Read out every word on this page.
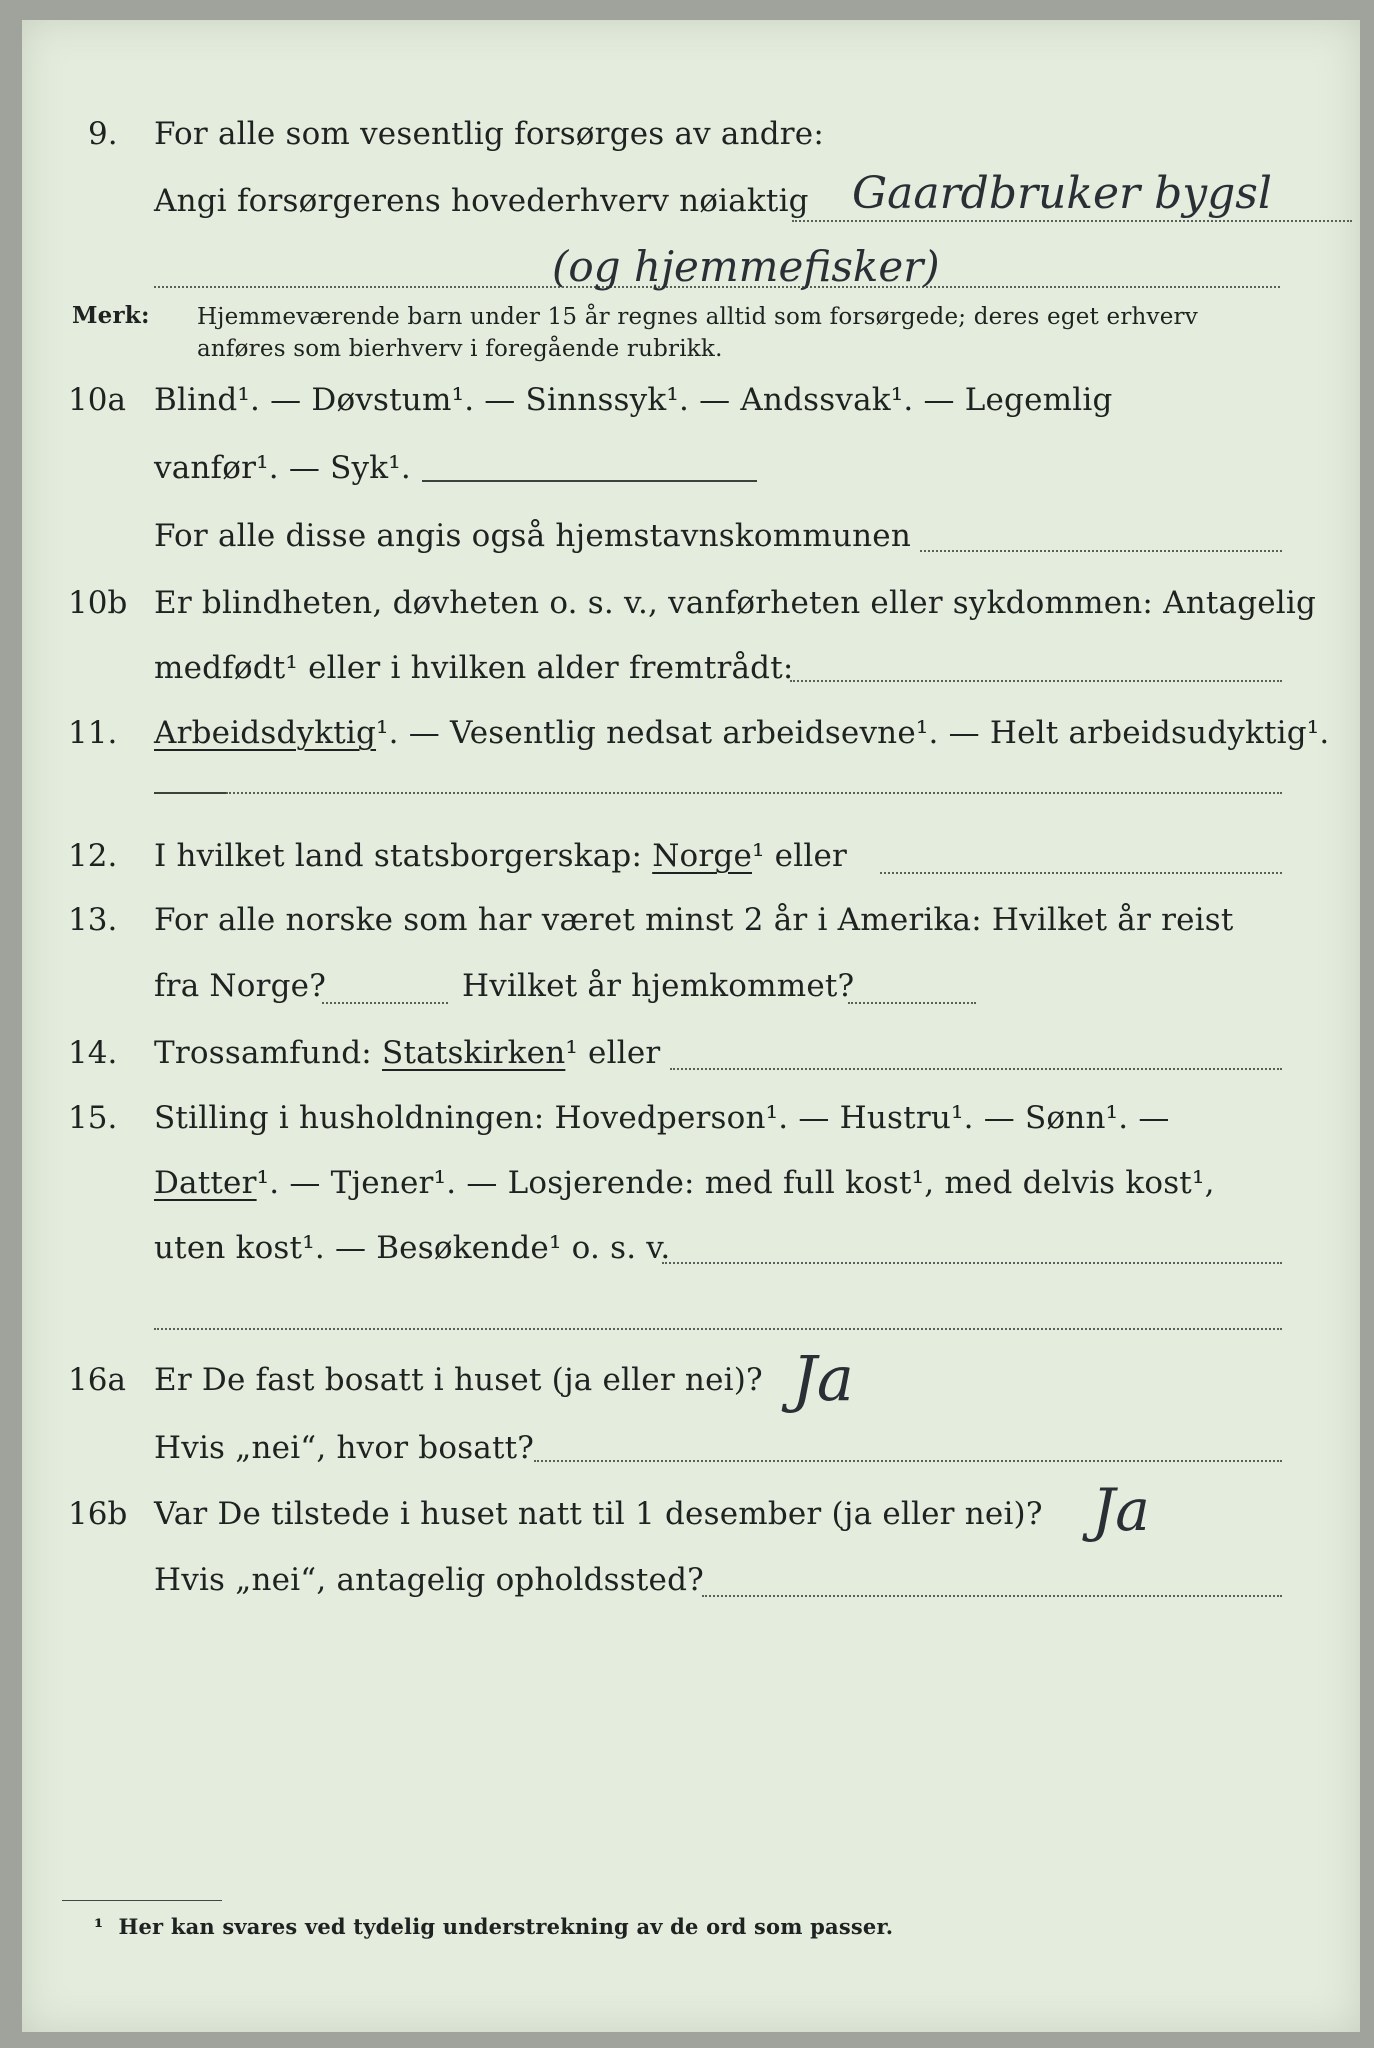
9. For alle som vesentlig forsørges av andre:
Angi forsørgerens hovederhverv nøiaktig Gaardbruker bygsl
(og hjemmefisker)
Merk: Hjemmeværende barn under 15 år regnes alltid som forsørgede; deres eget erhverv
anføres som bierhverv i foregående rubrikk.
10a Blind¹. — Døvstum¹. — Sinnssyk¹. — Andssvak¹. — Legemlig
vanfør¹. — Syk¹.
For alle disse angis også hjemstavnskommunen
10b Er blindheten, døvheten o. s. v., vanførheten eller sykdommen: Antagelig
medfødt¹ eller i hvilken alder fremtrådt:
11. Arbeidsdyktig¹. — Vesentlig nedsat arbeidsevne¹. — Helt arbeidsudyktig¹.
12. I hvilket land statsborgerskap: Norge¹ eller
13. For alle norske som har været minst 2 år i Amerika: Hvilket år reist
fra Norge?	Hvilket år hjemkommet?
14. Trossamfund: Statskirken¹ eller
15. Stilling i husholdningen: Hovedperson¹. — Hustru¹. — Sønn¹. —
Datter¹. — Tjener¹. — Losjerende: med full kost¹, med delvis kost¹,
uten kost¹. — Besøkende¹ o. s. v.
16a Er De fast bosatt i huset (ja eller nei)? Ja
Hvis „nei“, hvor bosatt?
16b Var De tilstede i huset natt til 1 desember (ja eller nei)? Ja
Hvis „nei“, antagelig opholdssted?
¹ Her kan svares ved tydelig understrekning av de ord som passer.
